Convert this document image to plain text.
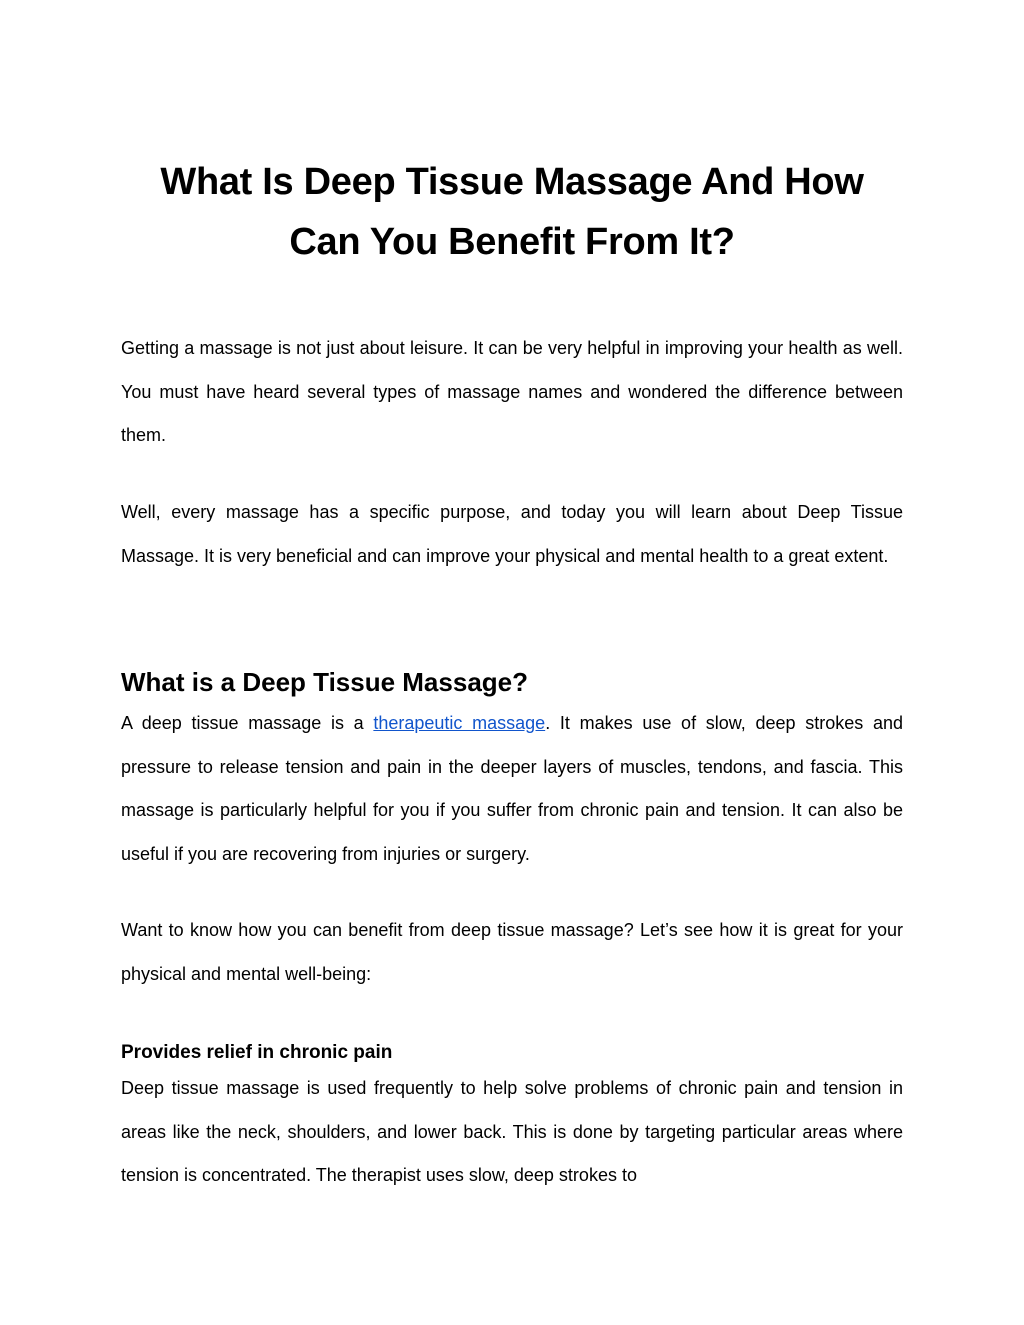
What Is Deep Tissue Massage And How Can You Benefit From It?

Getting a massage is not just about leisure. It can be very helpful in improving your health as well. You must have heard several types of massage names and wondered the difference between them.

Well, every massage has a specific purpose, and today you will learn about Deep Tissue Massage. It is very beneficial and can improve your physical and mental health to a great extent.

What is a Deep Tissue Massage?

A deep tissue massage is a therapeutic massage. It makes use of slow, deep strokes and pressure to release tension and pain in the deeper layers of muscles, tendons, and fascia. This massage is particularly helpful for you if you suffer from chronic pain and tension. It can also be useful if you are recovering from injuries or surgery.

Want to know how you can benefit from deep tissue massage? Let’s see how it is great for your physical and mental well-being:

Provides relief in chronic pain

Deep tissue massage is used frequently to help solve problems of chronic pain and tension in areas like the neck, shoulders, and lower back. This is done by targeting particular areas where tension is concentrated. The therapist uses slow, deep strokes to
